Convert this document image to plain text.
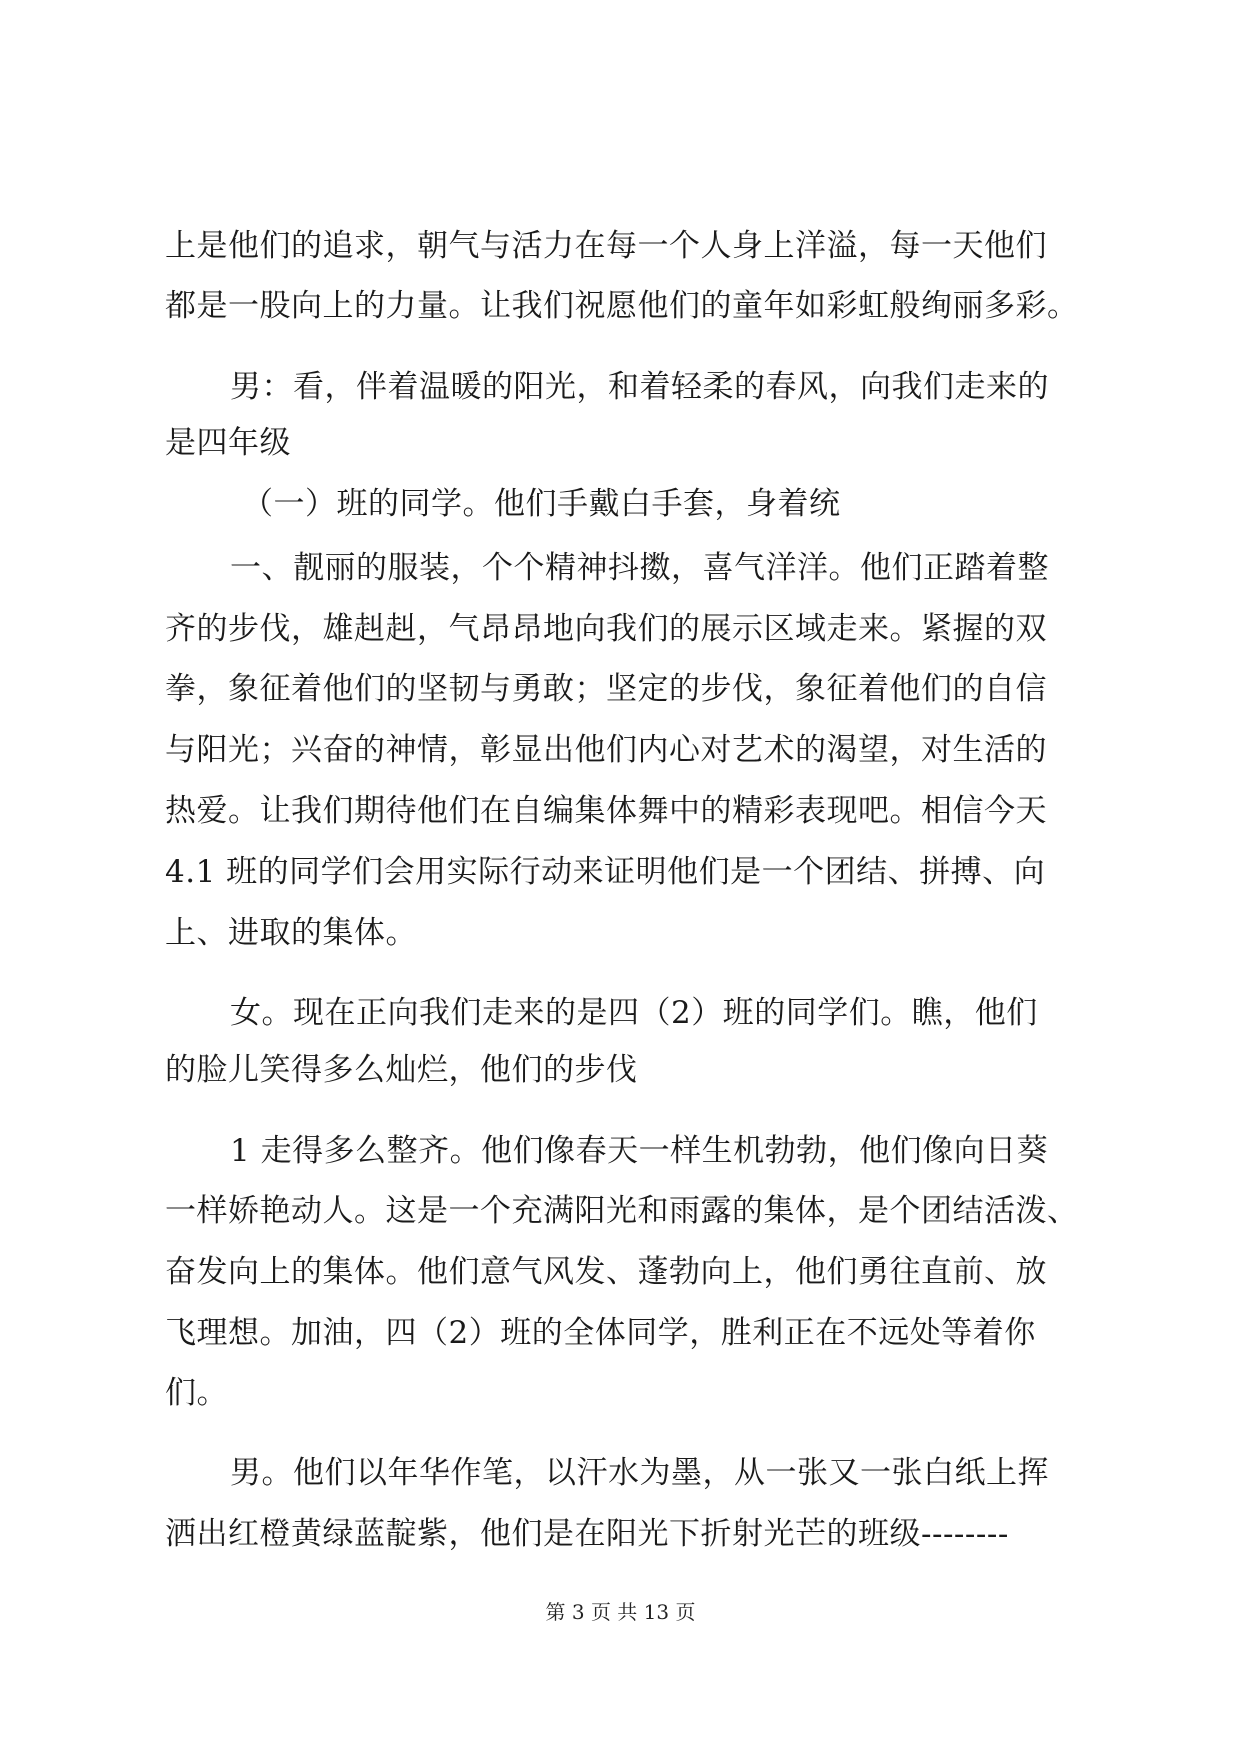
上是他们的追求，朝气与活力在每一个人身上洋溢，每一天他们
都是一股向上的力量。让我们祝愿他们的童年如彩虹般绚丽多彩。
男：看，伴着温暖的阳光，和着轻柔的春风，向我们走来的
是四年级
（一）班的同学。他们手戴白手套，身着统
一、靓丽的服装，个个精神抖擞，喜气洋洋。他们正踏着整
齐的步伐，雄赳赳，气昂昂地向我们的展示区域走来。紧握的双
拳，象征着他们的坚韧与勇敢；坚定的步伐，象征着他们的自信
与阳光；兴奋的神情，彰显出他们内心对艺术的渴望，对生活的
热爱。让我们期待他们在自编集体舞中的精彩表现吧。相信今天
4.1 班的同学们会用实际行动来证明他们是一个团结、拼搏、向
上、进取的集体。
女。现在正向我们走来的是四（2）班的同学们。瞧，他们
的脸儿笑得多么灿烂，他们的步伐
1 走得多么整齐。他们像春天一样生机勃勃，他们像向日葵
一样娇艳动人。这是一个充满阳光和雨露的集体，是个团结活泼、
奋发向上的集体。他们意气风发、蓬勃向上，他们勇往直前、放
飞理想。加油，四（2）班的全体同学，胜利正在不远处等着你
们。
男。他们以年华作笔，以汗水为墨，从一张又一张白纸上挥
洒出红橙黄绿蓝靛紫，他们是在阳光下折射光芒的班级--------
第 3 页 共 13 页
